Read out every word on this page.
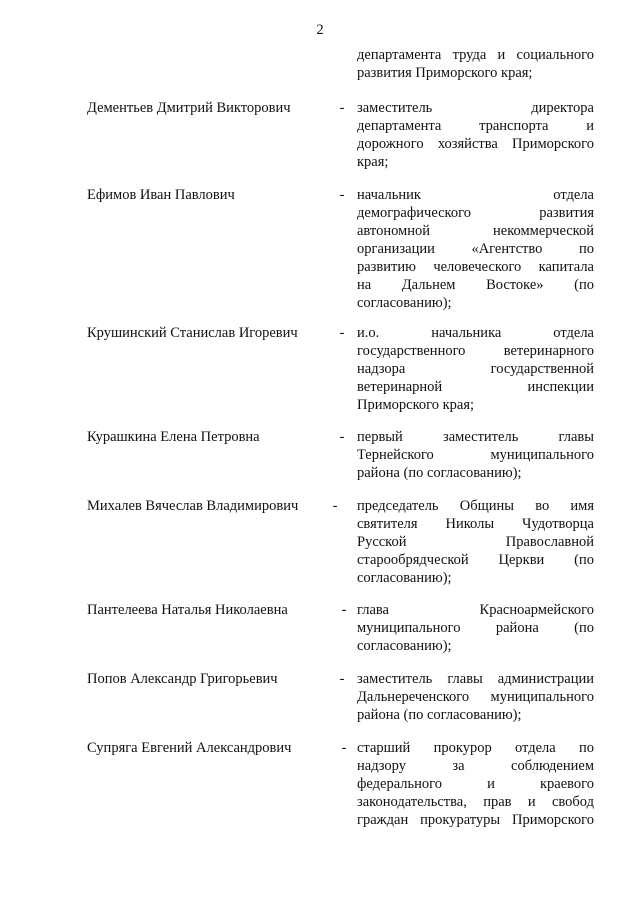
2
департамента труда и социального
развития Приморского края;
Дементьев Дмитрий Викторович	- заместитель директора
департамента транспорта и
дорожного хозяйства Приморского
края;
Ефимов Иван Павлович	- начальник отдела
демографического развития
автономной некоммерческой
организации «Агентство по
развитию человеческого капитала
на Дальнем Востоке» (по
согласованию);
Крушинский Станислав Игоревич	- и.о. начальника отдела
государственного ветеринарного
надзора государственной
ветеринарной инспекции
Приморского края;
Курашкина Елена Петровна	- первый заместитель главы
Тернейского муниципального
района (по согласованию);
Михалев Вячеслав Владимирович - председатель Общины во имя
святителя Николы Чудотворца
Русской Православной
старообрядческой Церкви (по
согласованию);
Пантелеева Наталья Николаевна	- глава Красноармейского
муниципального района (по
согласованию);
Попов Александр Григорьевич	- заместитель главы администрации
Дальнереченского муниципального
района (по согласованию);
Супряга Евгений Александрович	- старший прокурор отдела по
надзору за соблюдением
федерального и краевого
законодательства, прав и свобод
граждан прокуратуры Приморского
